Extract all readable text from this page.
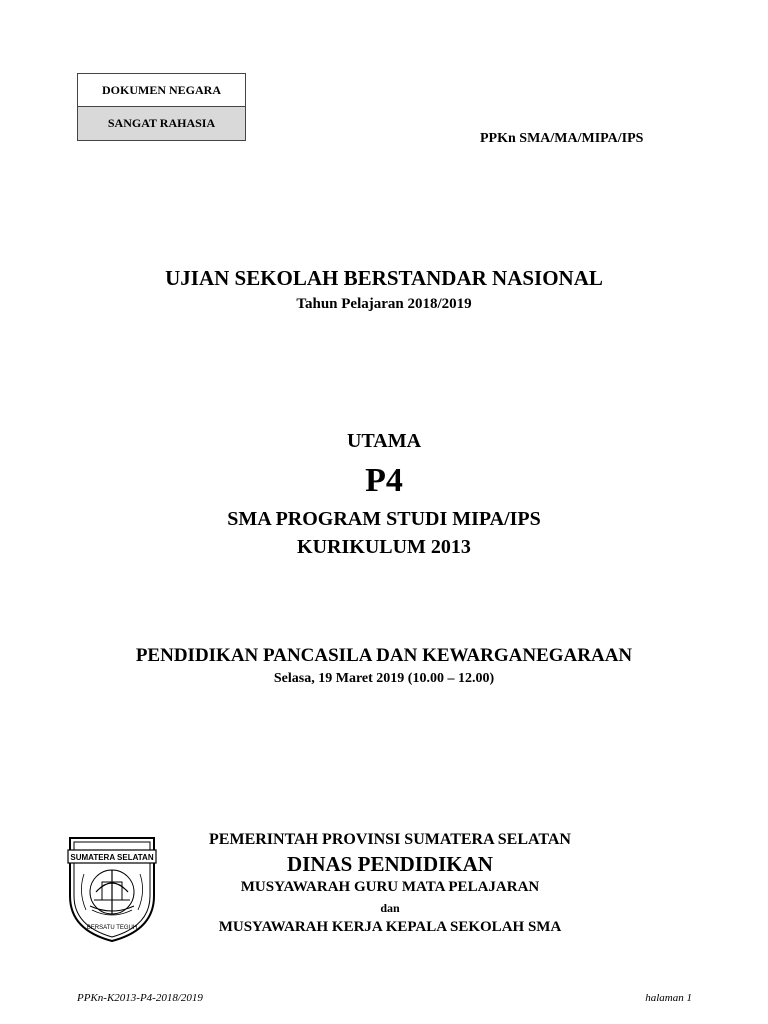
DOKUMEN NEGARA
SANGAT RAHASIA
PPKn SMA/MA/MIPA/IPS
UJIAN SEKOLAH BERSTANDAR NASIONAL
Tahun Pelajaran 2018/2019
UTAMA
P4
SMA PROGRAM STUDI MIPA/IPS
KURIKULUM 2013
PENDIDIKAN PANCASILA DAN KEWARGANEGARAAN
Selasa, 19 Maret 2019 (10.00 – 12.00)
SUMATERA SELATAN
BERSATU TEGUH
PEMERINTAH PROVINSI SUMATERA SELATAN
DINAS PENDIDIKAN
MUSYAWARAH GURU MATA PELAJARAN
dan
MUSYAWARAH KERJA KEPALA SEKOLAH SMA
PPKn-K2013-P4-2018/2019	halaman 1
